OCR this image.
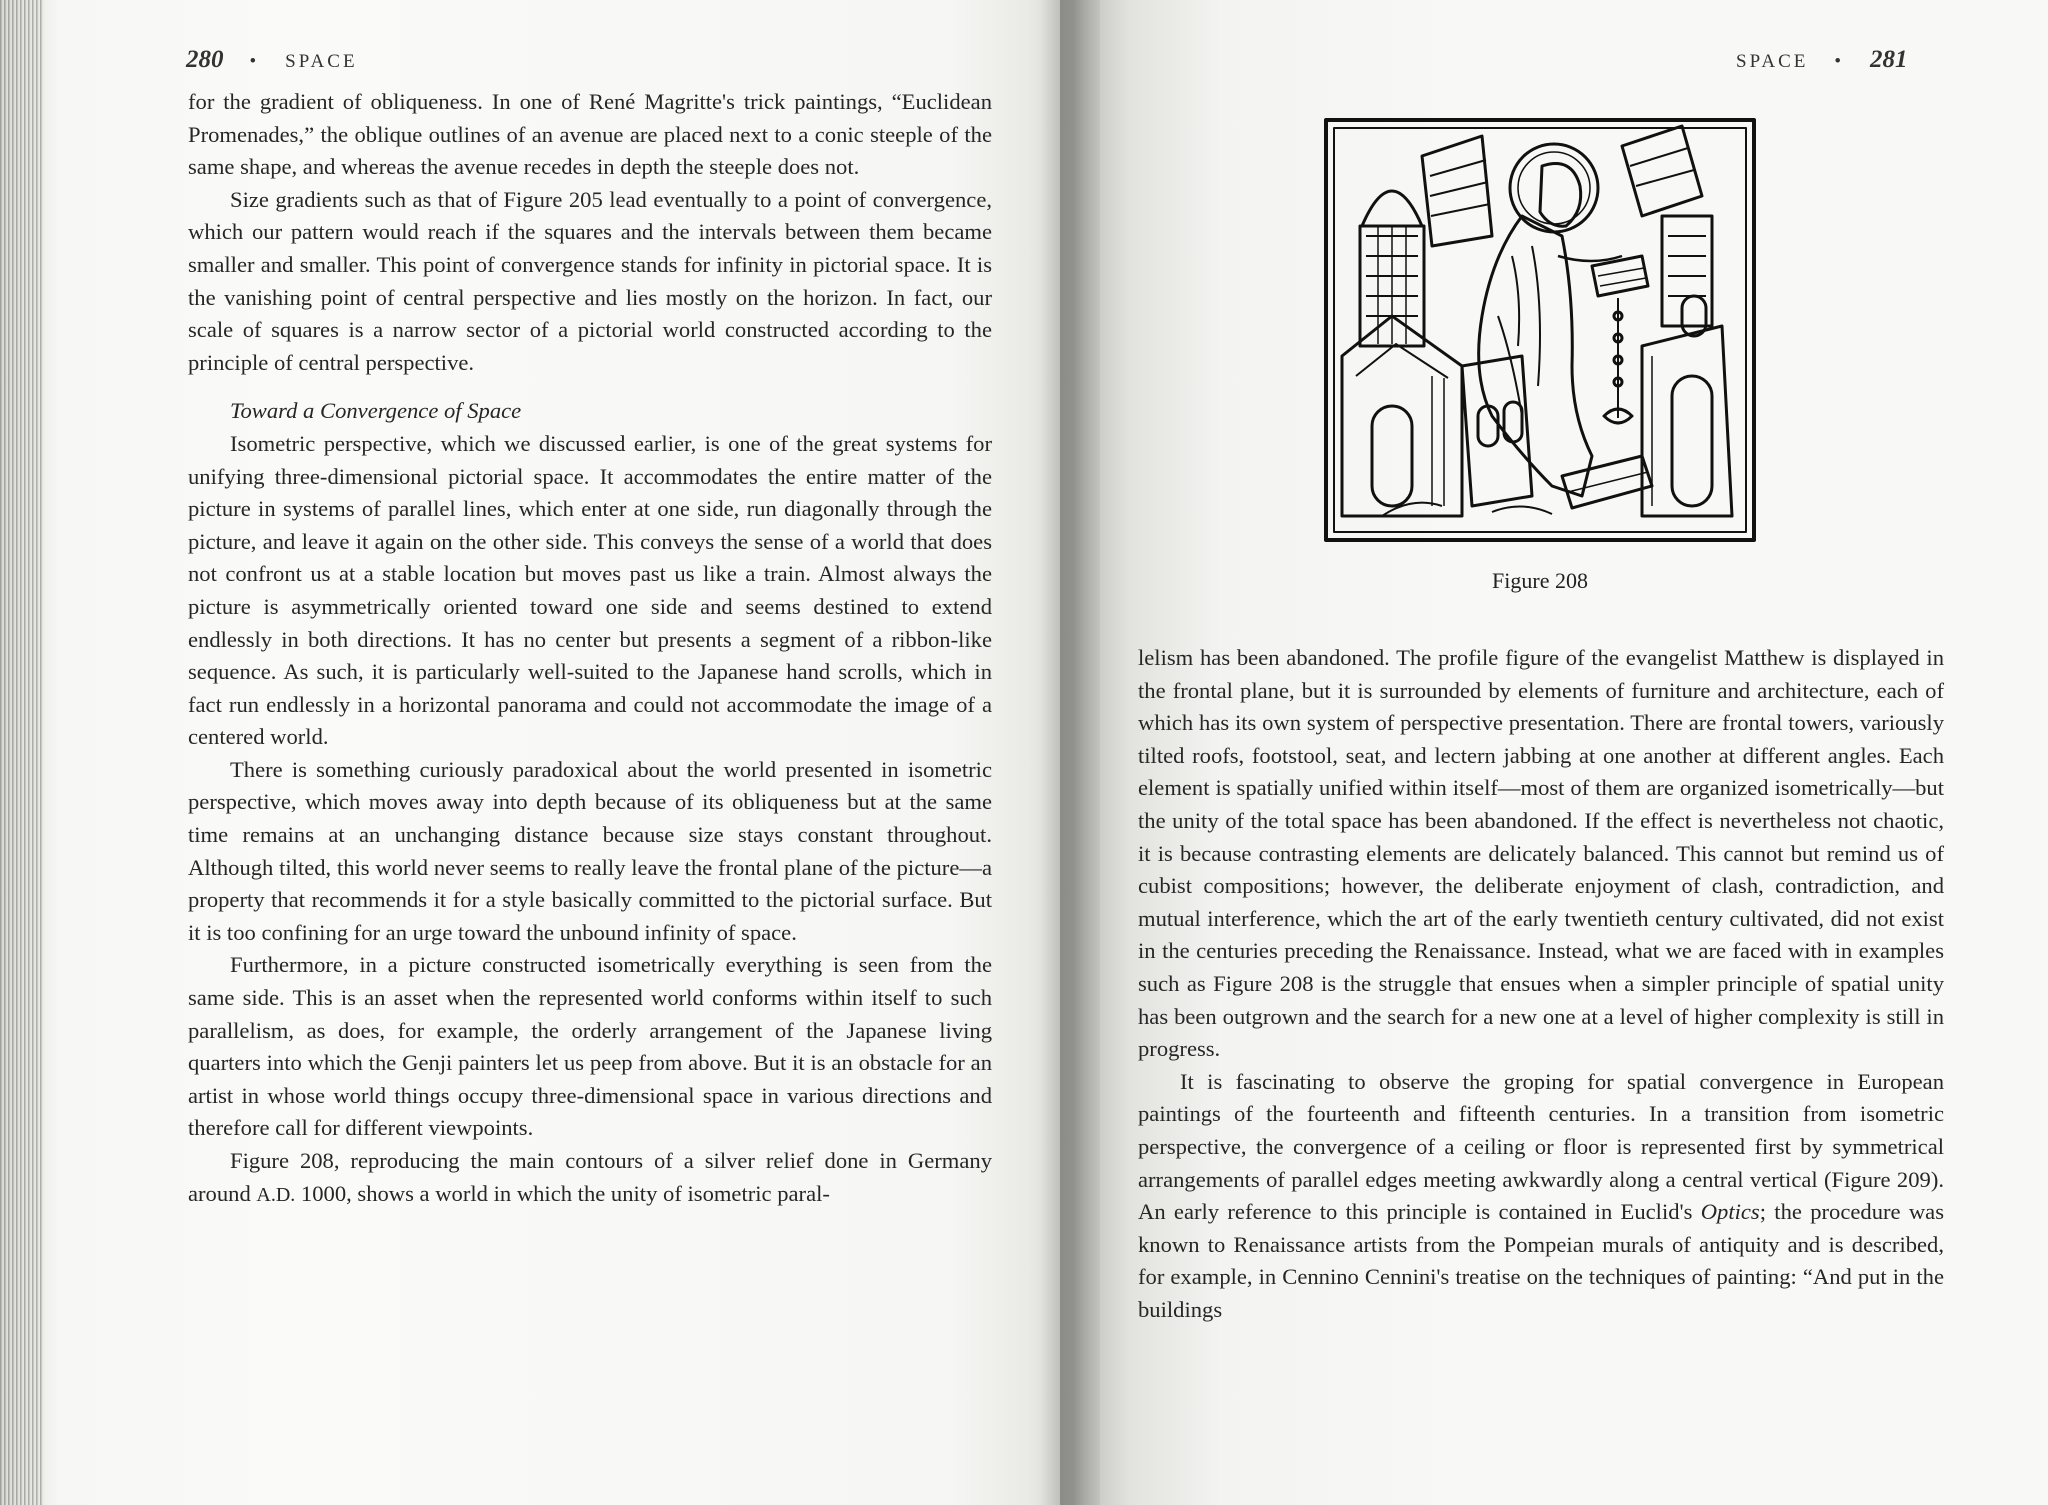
280 • SPACE	SPACE • 281

for the gradient of obliqueness. In one of René Magritte's trick paintings, “Euclidean Promenades,” the oblique outlines of an avenue are placed next to a conic steeple of the same shape, and whereas the avenue recedes in depth the steeple does not.

Size gradients such as that of Figure 205 lead eventually to a point of convergence, which our pattern would reach if the squares and the intervals between them became smaller and smaller. This point of convergence stands for infinity in pictorial space. It is the vanishing point of central perspective and lies mostly on the horizon. In fact, our scale of squares is a narrow sector of a pictorial world constructed according to the principle of central perspective.

Toward a Convergence of Space

Isometric perspective, which we discussed earlier, is one of the great systems for unifying three-dimensional pictorial space. It accommodates the entire matter of the picture in systems of parallel lines, which enter at one side, run diagonally through the picture, and leave it again on the other side. This conveys the sense of a world that does not confront us at a stable location but moves past us like a train. Almost always the picture is asymmetrically oriented toward one side and seems destined to extend endlessly in both directions. It has no center but presents a segment of a ribbon-like sequence. As such, it is particularly well-suited to the Japanese hand scrolls, which in fact run endlessly in a horizontal panorama and could not accommodate the image of a centered world.

There is something curiously paradoxical about the world presented in isometric perspective, which moves away into depth because of its obliqueness but at the same time remains at an unchanging distance because size stays constant throughout. Although tilted, this world never seems to really leave the frontal plane of the picture—a property that recommends it for a style basically committed to the pictorial surface. But it is too confining for an urge toward the unbound infinity of space.

Furthermore, in a picture constructed isometrically everything is seen from the same side. This is an asset when the represented world conforms within itself to such parallelism, as does, for example, the orderly arrangement of the Japanese living quarters into which the Genji painters let us peep from above. But it is an obstacle for an artist in whose world things occupy three-dimensional space in various directions and therefore call for different viewpoints.

Figure 208, reproducing the main contours of a silver relief done in Germany around A.D. 1000, shows a world in which the unity of isometric paral-

Figure 208

lelism has been abandoned. The profile figure of the evangelist Matthew is displayed in the frontal plane, but it is surrounded by elements of furniture and architecture, each of which has its own system of perspective presentation. There are frontal towers, variously tilted roofs, footstool, seat, and lectern jabbing at one another at different angles. Each element is spatially unified within itself—most of them are organized isometrically—but the unity of the total space has been abandoned. If the effect is nevertheless not chaotic, it is because contrasting elements are delicately balanced. This cannot but remind us of cubist compositions; however, the deliberate enjoyment of clash, contradiction, and mutual interference, which the art of the early twentieth century cultivated, did not exist in the centuries preceding the Renaissance. Instead, what we are faced with in examples such as Figure 208 is the struggle that ensues when a simpler principle of spatial unity has been outgrown and the search for a new one at a level of higher complexity is still in progress.

It is fascinating to observe the groping for spatial convergence in European paintings of the fourteenth and fifteenth centuries. In a transition from isometric perspective, the convergence of a ceiling or floor is represented first by symmetrical arrangements of parallel edges meeting awkwardly along a central vertical (Figure 209). An early reference to this principle is contained in Euclid's Optics; the procedure was known to Renaissance artists from the Pompeian murals of antiquity and is described, for example, in Cennino Cennini's treatise on the techniques of painting: “And put in the buildings
